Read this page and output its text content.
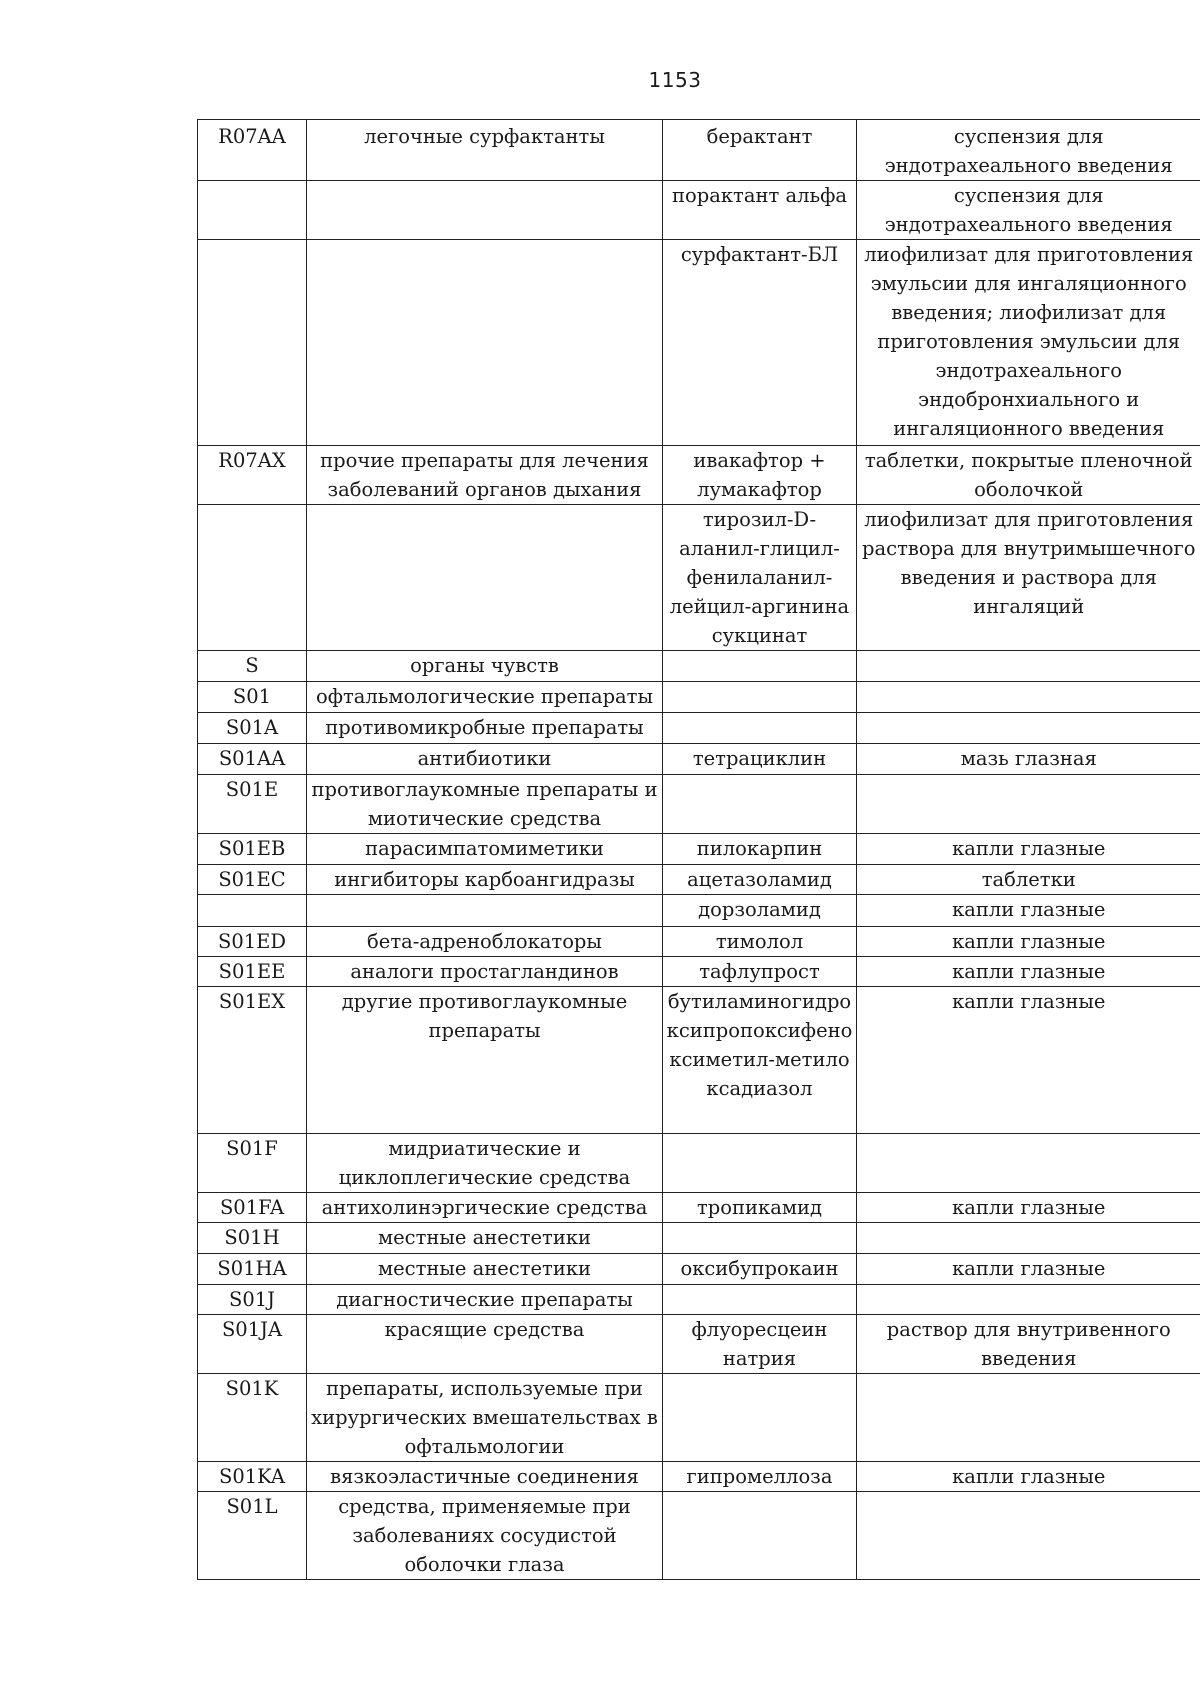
1153
R07AA	легочные сурфактанты	берактант	суспензия для эндотрахеального введения
		порактант альфа	суспензия для эндотрахеального введения
		сурфактант-БЛ	лиофилизат для приготовления эмульсии для ингаляционного введения; лиофилизат для приготовления эмульсии для эндотрахеального эндобронхиального и ингаляционного введения
R07AX	прочие препараты для лечения заболеваний органов дыхания	ивакафтор + лумакафтор	таблетки, покрытые пленочной оболочкой
		тирозил-D-аланил-глицил-фенилаланил-лейцил-аргинина сукцинат	лиофилизат для приготовления раствора для внутримышечного введения и раствора для ингаляций
S	органы чувств		
S01	офтальмологические препараты		
S01A	противомикробные препараты		
S01AA	антибиотики	тетрациклин	мазь глазная
S01E	противоглаукомные препараты и миотические средства		
S01EB	парасимпатомиметики	пилокарпин	капли глазные
S01EC	ингибиторы карбоангидразы	ацетазоламид	таблетки
		дорзоламид	капли глазные
S01ED	бета-адреноблокаторы	тимолол	капли глазные
S01EE	аналоги простагландинов	тафлупрост	капли глазные
S01EX	другие противоглаукомные препараты	бутиламиногидроксипропоксифеноксиметил-метилоксадиазол	капли глазные
S01F	мидриатические и циклоплегические средства		
S01FA	антихолинэргические средства	тропикамид	капли глазные
S01H	местные анестетики		
S01HA	местные анестетики	оксибупрокаин	капли глазные
S01J	диагностические препараты		
S01JA	красящие средства	флуоресцеин натрия	раствор для внутривенного введения
S01K	препараты, используемые при хирургических вмешательствах в офтальмологии		
S01KA	вязкоэластичные соединения	гипромеллоза	капли глазные
S01L	средства, применяемые при заболеваниях сосудистой оболочки глаза		
